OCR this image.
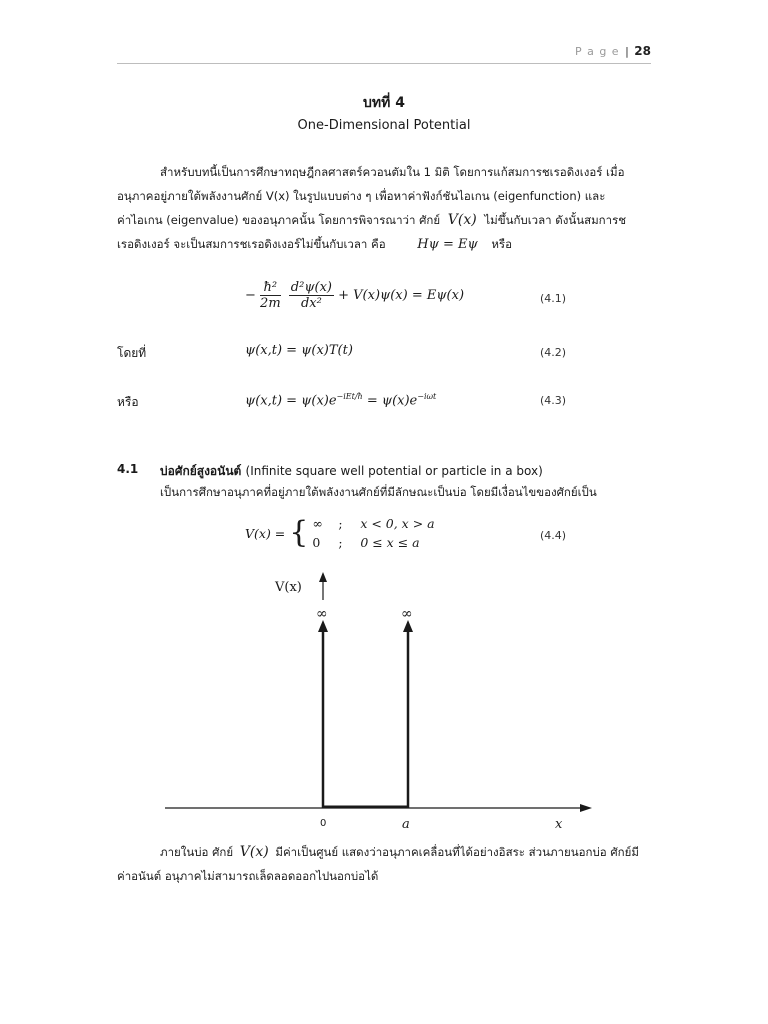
P a g e | 28
บทที่ 4
One-Dimensional Potential
สำหรับบทนี้เป็นการศึกษาทฤษฎีกลศาสตร์ควอนตัมใน 1 มิติ โดยการแก้สมการชเรอดิงเงอร์ เมื่อ
อนุภาคอยู่ภายใต้พลังงานศักย์ V(x) ในรูปแบบต่าง ๆ เพื่อหาค่าฟังก์ชันไอเกน (eigenfunction) และ
ค่าไอเกน (eigenvalue) ของอนุภาคนั้น โดยการพิจารณาว่า ศักย์ V(x) ไม่ขึ้นกับเวลา ดังนั้นสมการช
เรอดิงเงอร์ จะเป็นสมการชเรอดิงเงอร์ไม่ขึ้นกับเวลา คือ Hψ = Eψ หรือ
− $\frac{\text{ħ²}}{2m}$
$\frac{\text{d²ψ(x)}}{\text{dx²}} + V(x)\psi(x) = E\psi(x)$	(4.1)
โดยที่	ψ(x,t) = ψ(x)T(t)	(4.2)
หรือ	$\psi(x,t) = \psi(x)e^{-iEt/ħ} = \psi(x)e^{-i\omega t}$	(4.3)
4.1 บ่อศักย์สูงอนันต์ (Infinite square well potential or particle in a box)
เป็นการศึกษาอนุภาคที่อยู่ภายใต้พลังงานศักย์ที่มีลักษณะเป็นบ่อ โดยมีเงื่อนไขของศักย์เป็น
V(x) = { ∞ ; x < 0, x > a
0 ; 0 ≤ x ≤ a	(4.4)
V(x)
∞	∞
0	a	x
ภายในบ่อ ศักย์ V(x) มีค่าเป็นศูนย์ แสดงว่าอนุภาคเคลื่อนที่ได้อย่างอิสระ ส่วนภายนอกบ่อ ศักย์มี
ค่าอนันต์ อนุภาคไม่สามารถเล็ดลอดออกไปนอกบ่อได้
